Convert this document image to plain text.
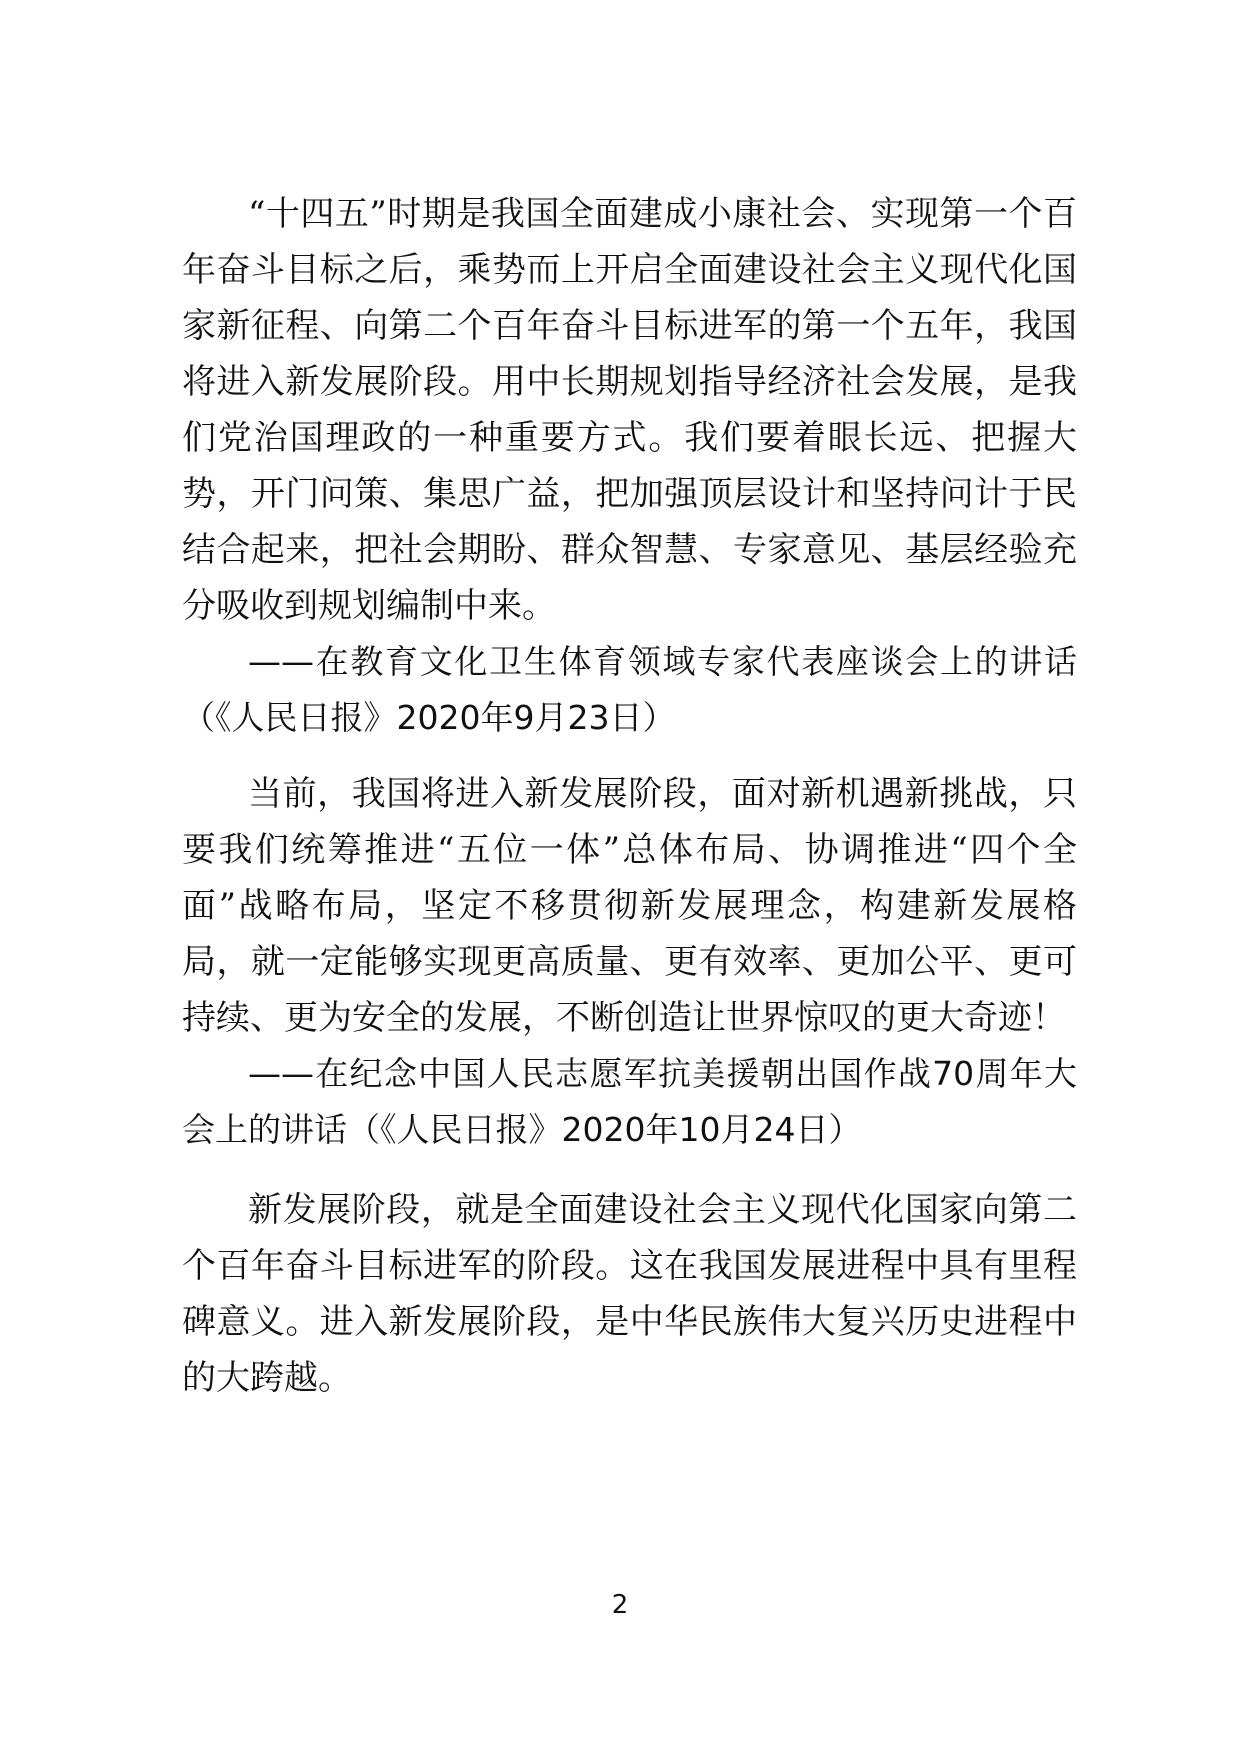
“十四五”时期是我国全面建成小康社会、实现第一个百年奋斗目标之后，乘势而上开启全面建设社会主义现代化国家新征程、向第二个百年奋斗目标进军的第一个五年，我国将进入新发展阶段。用中长期规划指导经济社会发展，是我们党治国理政的一种重要方式。我们要着眼长远、把握大势，开门问策、集思广益，把加强顶层设计和坚持问计于民结合起来，把社会期盼、群众智慧、专家意见、基层经验充分吸收到规划编制中来。

——在教育文化卫生体育领域专家代表座谈会上的讲话（《人民日报》2020年9月23日）

当前，我国将进入新发展阶段，面对新机遇新挑战，只要我们统筹推进“五位一体”总体布局、协调推进“四个全面”战略布局，坚定不移贯彻新发展理念，构建新发展格局，就一定能够实现更高质量、更有效率、更加公平、更可持续、更为安全的发展，不断创造让世界惊叹的更大奇迹！

——在纪念中国人民志愿军抗美援朝出国作战70周年大会上的讲话（《人民日报》2020年10月24日）

新发展阶段，就是全面建设社会主义现代化国家向第二个百年奋斗目标进军的阶段。这在我国发展进程中具有里程碑意义。进入新发展阶段，是中华民族伟大复兴历史进程中的大跨越。

2
